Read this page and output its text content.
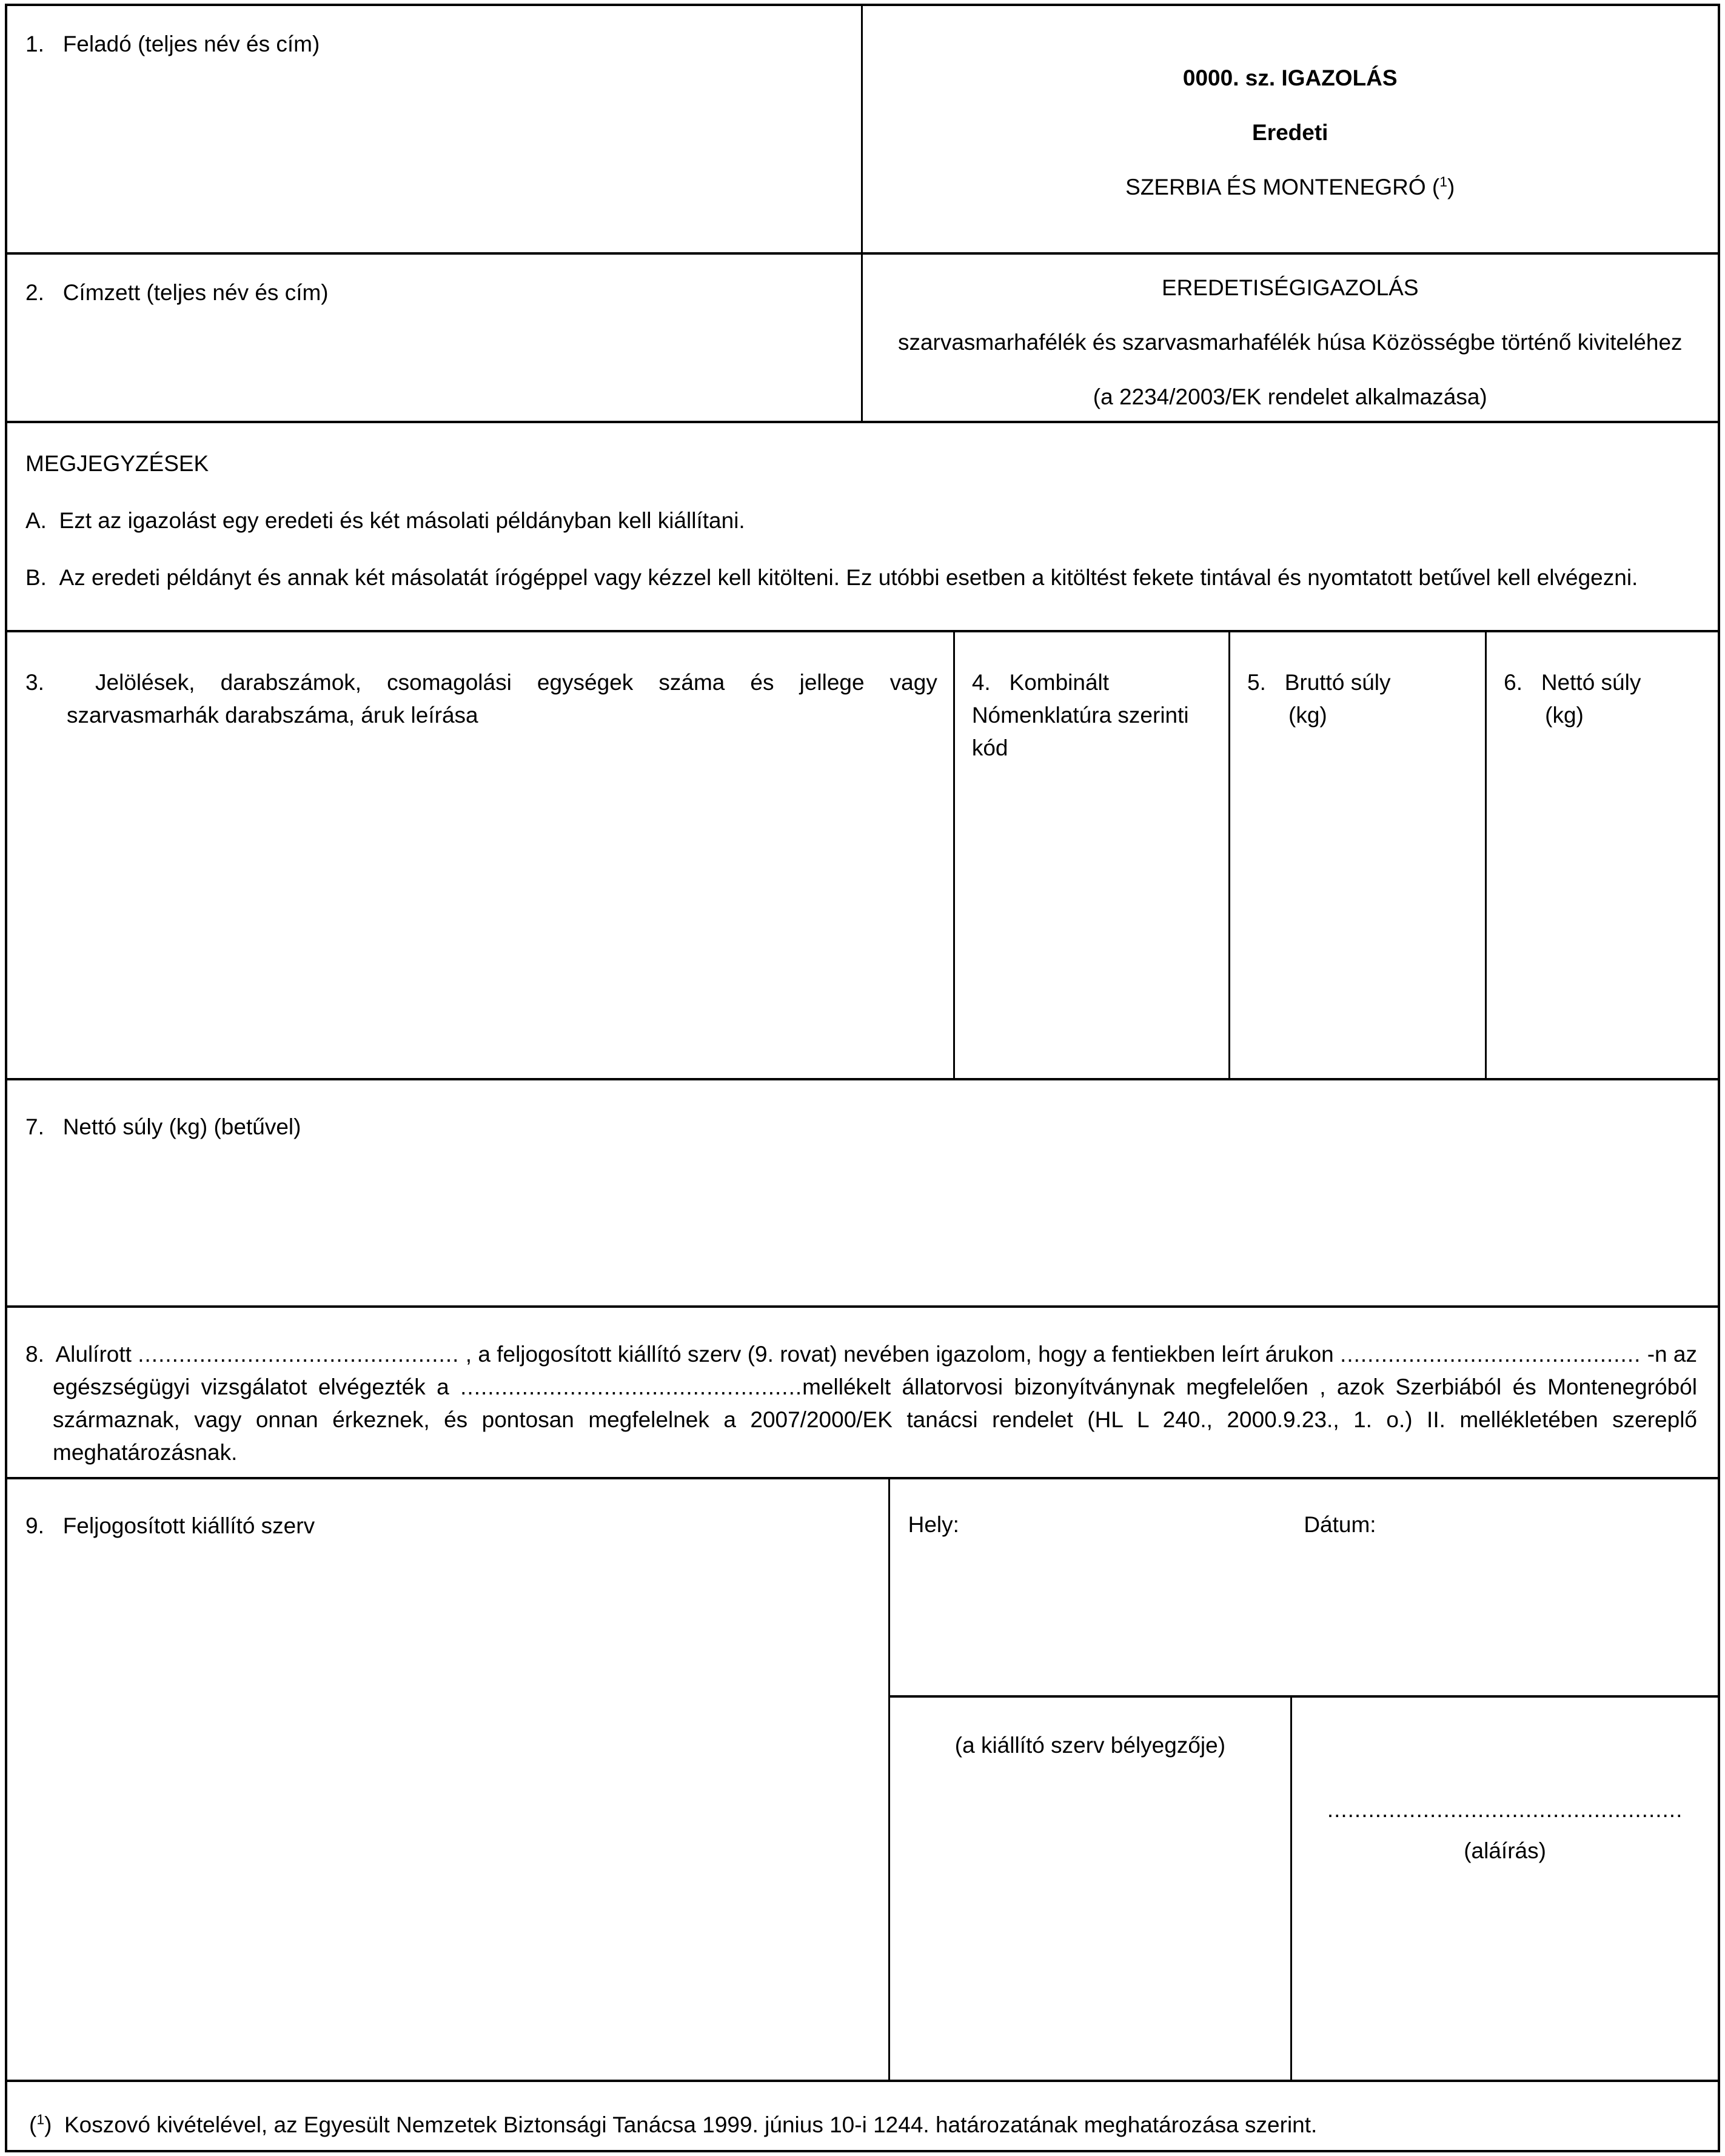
1.   Feladó (teljes név és cím)
0000. sz. IGAZOLÁS
Eredeti
SZERBIA ÉS MONTENEGRÓ ($^1$)
2.   Címzett (teljes név és cím)	EREDETISÉGIGAZOLÁS
szarvasmarhafélék és szarvasmarhafélék húsa Közösségbe történő kiviteléhez
(a 2234/2003/EK rendelet alkalmazása)
MEGJEGYZÉSEK
A.  Ezt az igazolást egy eredeti és két másolati példányban kell kiállítani.
B.  Az eredeti példányt és annak két másolatát írógéppel vagy kézzel kell kitölteni. Ez utóbbi esetben a kitöltést fekete tintával és nyomtatott betűvel kell elvégezni.
3.  Jelölések, darabszámok, csomagolási egységek száma és jellege vagy
szarvasmarhák darabszáma, áruk leírása
4.   Kombinált
Nómenklatúra szerinti
kód
5.   Bruttó súly
(kg)
6.   Nettó súly
(kg)
7.   Nettó súly (kg) (betűvel)

8.  Alulírott ............................................... , a feljogosított kiállító szerv (9. rovat) nevében igazolom, hogy a fentiekben leírt árukon ............................................ -n az egészségügyi vizsgálatot elvégezték a ..................................................mellékelt állatorvosi bizonyítványnak megfelelően , azok Szerbiából és Montenegróból származnak, vagy onnan érkeznek, és pontosan megfelelnek a 2007/2000/EK tanácsi rendelet (HL L 240., 2000.9.23., 1. o.) II. mellékletében szereplő meghatározásnak.

9.   Feljogosított kiállító szerv	Hely:	Dátum:
(a kiállító szerv bélyegzője)
....................................................
(aláírás)
($^1$)  Koszovó kivételével, az Egyesült Nemzetek Biztonsági Tanácsa 1999. június 10-i 1244. határozatának meghatározása szerint.
